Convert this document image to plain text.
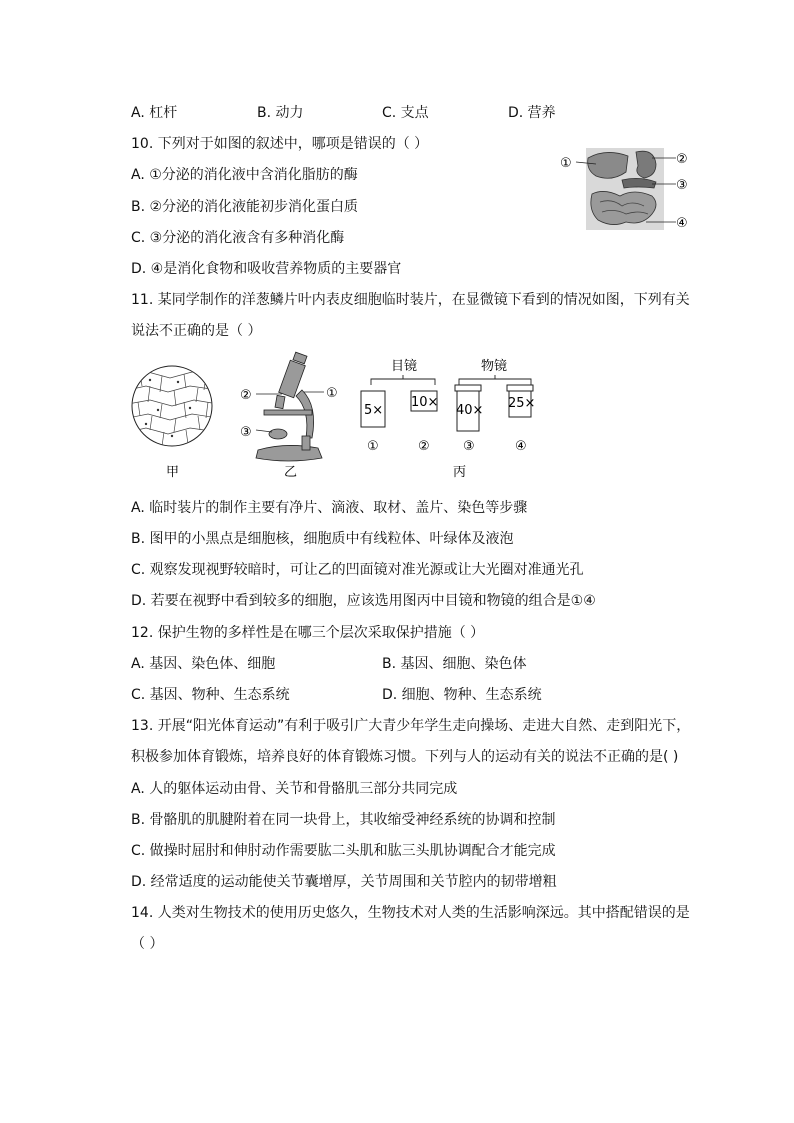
A. 杠杆	B. 动力	C. 支点	D. 营养
10. 下列对于如图的叙述中，哪项是错误的（ ）
A. ①分泌的消化液中含消化脂肪的酶
B. ②分泌的消化液能初步消化蛋白质
C. ③分泌的消化液含有多种消化酶
D. ④是消化食物和吸收营养物质的主要器官
①	②
③
④
11. 某同学制作的洋葱鳞片叶内表皮细胞临时装片，在显微镜下看到的情况如图，下列有关
说法不正确的是（ ）
甲
②
③
①
乙
目镜	物镜
5×
10×
40× 25×
①	②	③	④
丙
A. 临时装片的制作主要有净片、滴液、取材、盖片、染色等步骤
B. 图甲的小黑点是细胞核，细胞质中有线粒体、叶绿体及液泡
C. 观察发现视野较暗时，可让乙的凹面镜对准光源或让大光圈对准通光孔
D. 若要在视野中看到较多的细胞，应该选用图丙中目镜和物镜的组合是①④
12. 保护生物的多样性是在哪三个层次采取保护措施（ ）
A. 基因、染色体、细胞	B. 基因、细胞、染色体
C. 基因、物种、生态系统	D. 细胞、物种、生态系统
13. 开展“阳光体育运动”有利于吸引广大青少年学生走向操场、走进大自然、走到阳光下，
积极参加体育锻炼，培养良好的体育锻炼习惯。下列与人的运动有关的说法不正确的是( )
A. 人的躯体运动由骨、关节和骨骼肌三部分共同完成
B. 骨骼肌的肌腱附着在同一块骨上，其收缩受神经系统的协调和控制
C. 做操时屈肘和伸肘动作需要肱二头肌和肱三头肌协调配合才能完成
D. 经常适度的运动能使关节囊增厚，关节周围和关节腔内的韧带增粗
14. 人类对生物技术的使用历史悠久，生物技术对人类的生活影响深远。其中搭配错误的是
（ ）
